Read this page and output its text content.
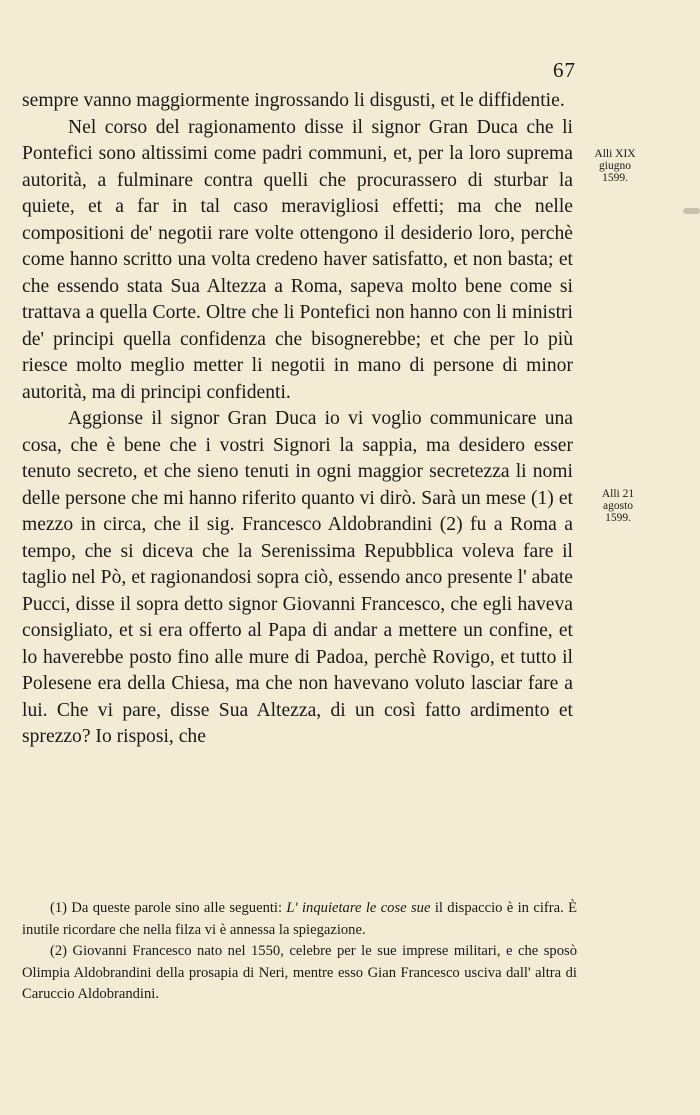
67

sempre vanno maggiormente ingrossando li disgusti, et le diffidentie.

Nel corso del ragionamento disse il signor Gran Duca che li Pontefici sono altissimi come padri communi, et, per la loro suprema autorità, a fulminare contra quelli che procurassero di sturbar la quiete, et a far in tal caso meravigliosi effetti; ma che nelle compositioni de' negotii rare volte ottengono il desiderio loro, perchè come hanno scritto una volta credeno haver satisfatto, et non basta; et che essendo stata Sua Altezza a Roma, sapeva molto bene come si trattava a quella Corte. Oltre che li Pontefici non hanno con li ministri de' principi quella confidenza che bisognerebbe; et che per lo più riesce molto meglio metter li negotii in mano di persone di minor autorità, ma di principi confidenti.

Aggionse il signor Gran Duca io vi voglio communicare una cosa, che è bene che i vostri Signori la sappia, ma desidero esser tenuto secreto, et che sieno tenuti in ogni maggior secretezza li nomi delle persone che mi hanno riferito quanto vi dirò. Sarà un mese (1) et mezzo in circa, che il sig. Francesco Aldobrandini (2) fu a Roma a tempo, che si diceva che la Serenissima Repubblica voleva fare il taglio nel Pò, et ragionandosi sopra ciò, essendo anco presente l' abate Pucci, disse il sopra detto signor Giovanni Francesco, che egli haveva consigliato, et si era offerto al Papa di andar a mettere un confine, et lo haverebbe posto fino alle mure di Padoa, perchè Rovigo, et tutto il Polesene era della Chiesa, ma che non havevano voluto lasciar fare a lui. Che vi pare, disse Sua Altezza, di un così fatto ardimento et sprezzo? Io risposi, che

Alli XIX
giugno
1599.
Alli 21
agosto
1599.

(1) Da queste parole sino alle seguenti: L' inquietare le cose sue il dispaccio è in cifra. È inutile ricordare che nella filza vi è annessa la spiegazione.

(2) Giovanni Francesco nato nel 1550, celebre per le sue imprese militari, e che sposò Olimpia Aldobrandini della prosapia di Neri, mentre esso Gian Francesco usciva dall' altra di Caruccio Aldobrandini.
